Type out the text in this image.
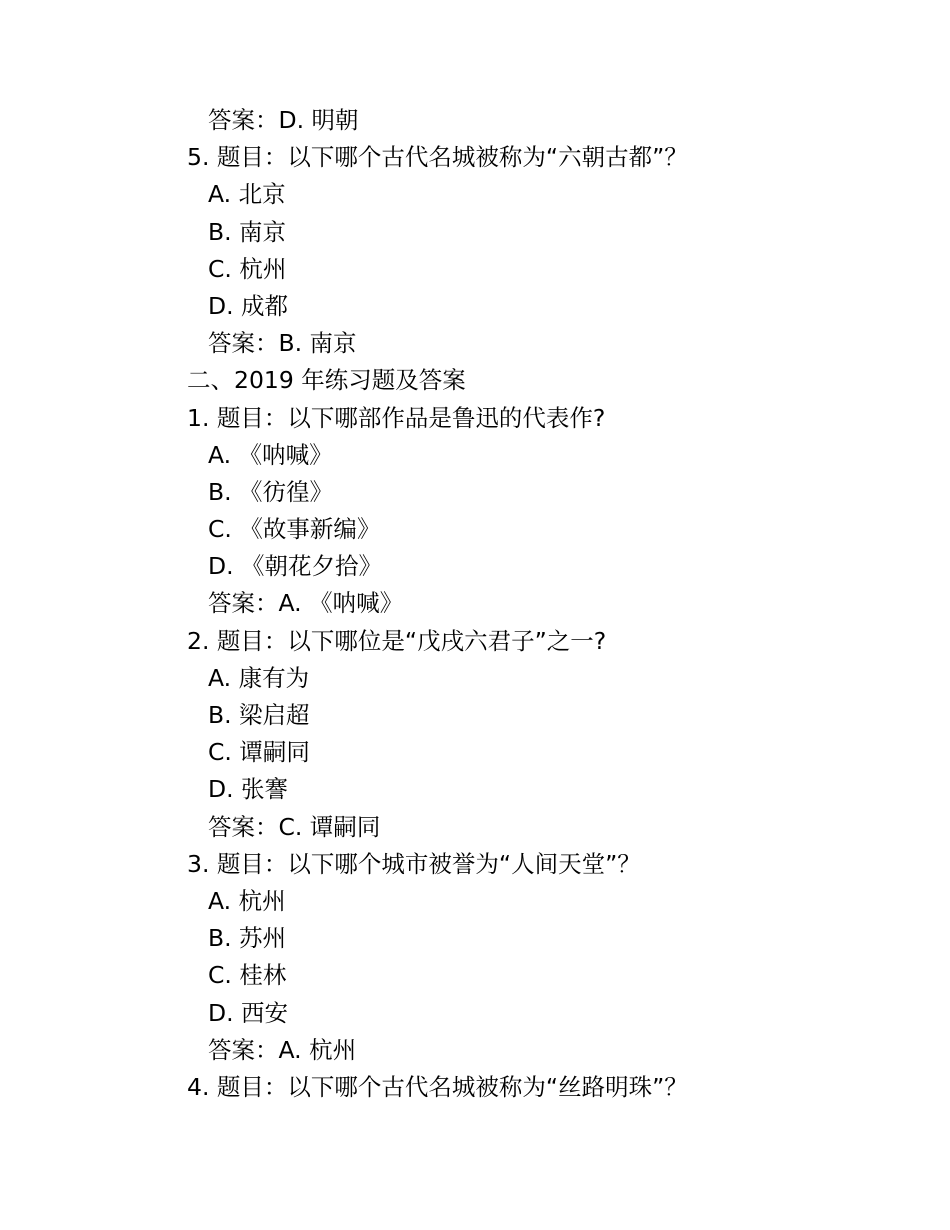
答案：D. 明朝
5. 题目：以下哪个古代名城被称为“六朝古都”？
A. 北京
B. 南京
C. 杭州
D. 成都
答案：B. 南京
二、2019 年练习题及答案
1. 题目：以下哪部作品是鲁迅的代表作?
A. 《呐喊》
B. 《彷徨》
C. 《故事新编》
D. 《朝花夕拾》
答案：A. 《呐喊》
2. 题目：以下哪位是“戊戌六君子”之一?
A. 康有为
B. 梁启超
C. 谭嗣同
D. 张謇
答案：C. 谭嗣同
3. 题目：以下哪个城市被誉为“人间天堂”？
A. 杭州
B. 苏州
C. 桂林
D. 西安
答案：A. 杭州
4. 题目：以下哪个古代名城被称为“丝路明珠”？
